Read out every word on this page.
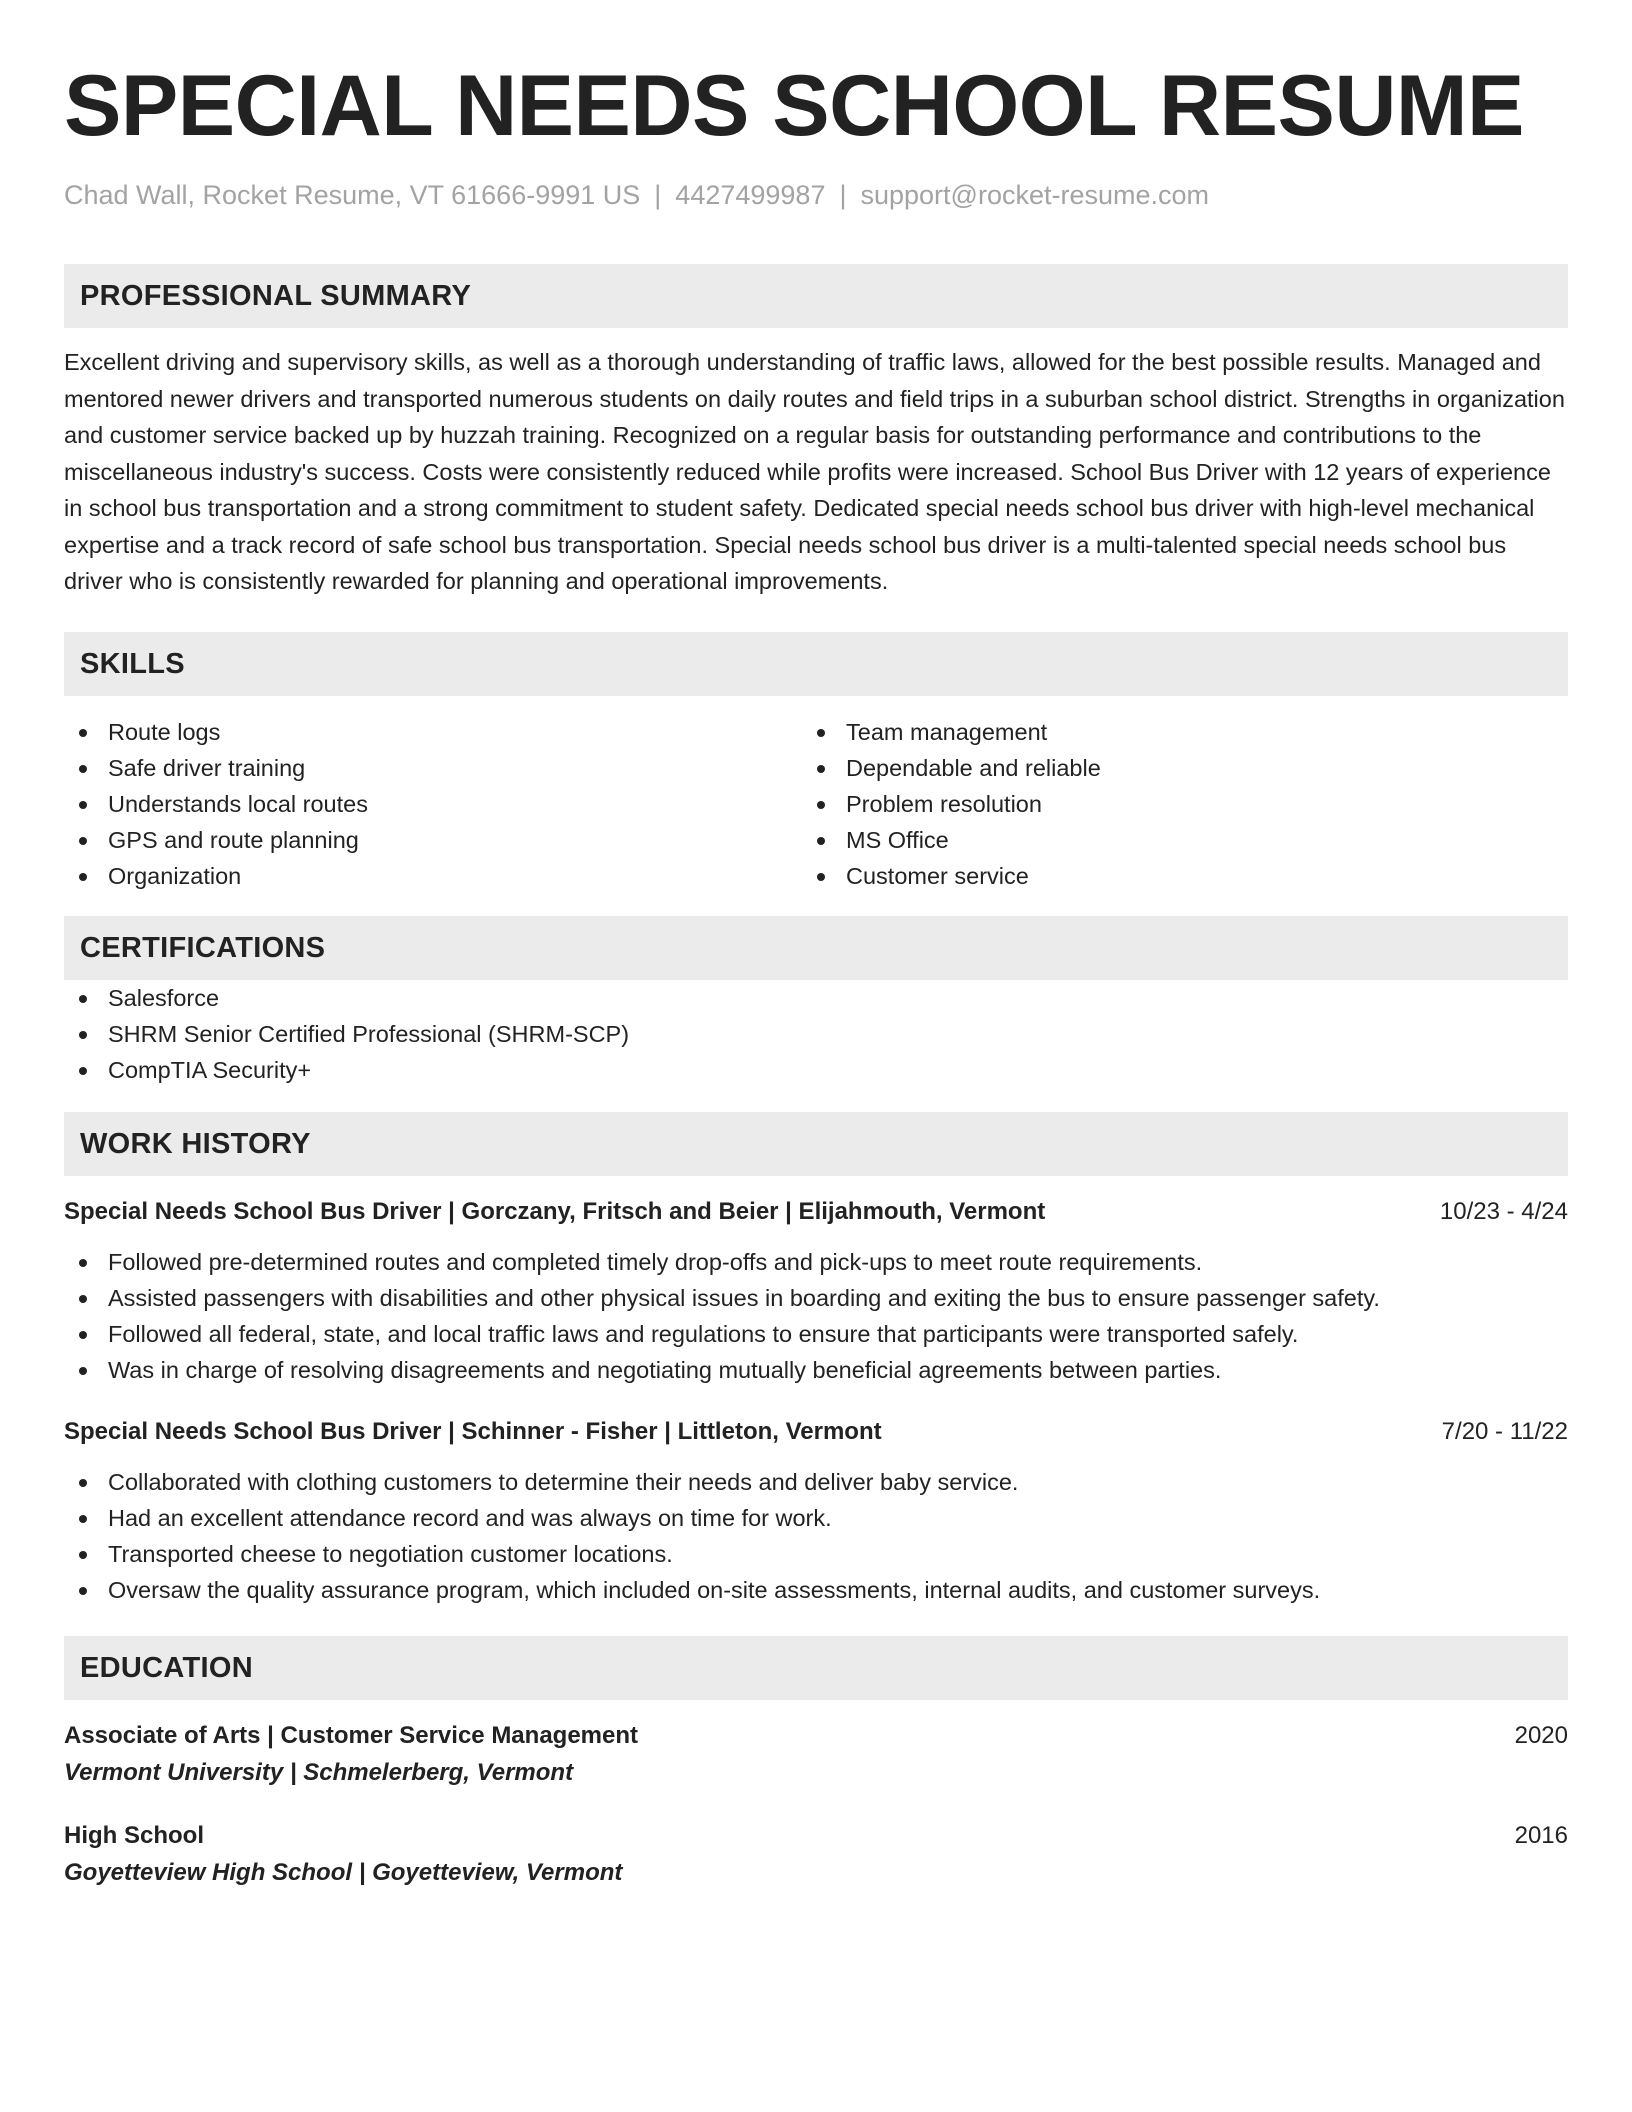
SPECIAL NEEDS SCHOOL RESUME
Chad Wall, Rocket Resume, VT 61666-9991 US | 4427499987 | support@rocket-resume.com
PROFESSIONAL SUMMARY

Excellent driving and supervisory skills, as well as a thorough understanding of traffic laws, allowed for the best possible results. Managed and mentored newer drivers and transported numerous students on daily routes and field trips in a suburban school district. Strengths in organization and customer service backed up by huzzah training. Recognized on a regular basis for outstanding performance and contributions to the miscellaneous industry's success. Costs were consistently reduced while profits were increased. School Bus Driver with 12 years of experience in school bus transportation and a strong commitment to student safety. Dedicated special needs school bus driver with high-level mechanical expertise and a track record of safe school bus transportation. Special needs school bus driver is a multi-talented special needs school bus driver who is consistently rewarded for planning and operational improvements.

SKILLS
Route logs
Safe driver training
Understands local routes
GPS and route planning
Organization
Team management
Dependable and reliable
Problem resolution
MS Office
Customer service
CERTIFICATIONS
Salesforce
SHRM Senior Certified Professional (SHRM-SCP)
CompTIA Security+
WORK HISTORY
Special Needs School Bus Driver | Gorczany, Fritsch and Beier | Elijahmouth, Vermont	10/23 - 4/24
Followed pre-determined routes and completed timely drop-offs and pick-ups to meet route requirements.
Assisted passengers with disabilities and other physical issues in boarding and exiting the bus to ensure passenger safety.
Followed all federal, state, and local traffic laws and regulations to ensure that participants were transported safely.
Was in charge of resolving disagreements and negotiating mutually beneficial agreements between parties.
Special Needs School Bus Driver | Schinner - Fisher | Littleton, Vermont	7/20 - 11/22
Collaborated with clothing customers to determine their needs and deliver baby service.
Had an excellent attendance record and was always on time for work.
Transported cheese to negotiation customer locations.
Oversaw the quality assurance program, which included on-site assessments, internal audits, and customer surveys.
EDUCATION
Associate of Arts | Customer Service Management	2020
Vermont University | Schmelerberg, Vermont
High School	2016
Goyetteview High School | Goyetteview, Vermont
